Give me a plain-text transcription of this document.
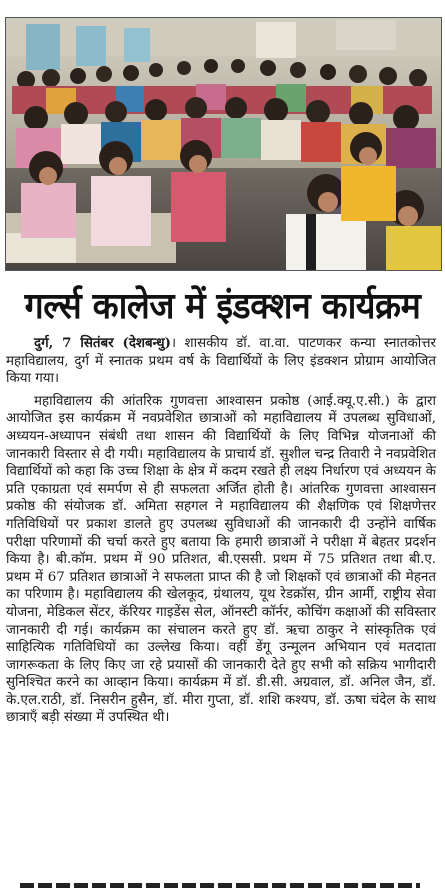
गर्ल्स कालेज में इंडक्शन कार्यक्रम

दुर्ग, 7 सितंबर (देशबन्धु)। शासकीय डॉ. वा.वा. पाटणकर कन्या स्नातकोत्तर महाविद्यालय, दुर्ग में स्नातक प्रथम वर्ष के विद्यार्थियों के लिए इंडक्शन प्रोग्राम आयोजित किया गया।

महाविद्यालय की आंतरिक गुणवत्ता आश्वासन प्रकोष्ठ (आई.क्यू.ए.सी.) के द्वारा आयोजित इस कार्यक्रम में नवप्रवेशित छात्राओं को महाविद्यालय में उपलब्ध सुविधाओं, अध्ययन-अध्यापन संबंधी तथा शासन की विद्यार्थियों के लिए विभिन्न योजनाओं की जानकारी विस्तार से दी गयी। महाविद्यालय के प्राचार्य डॉ. सुशील चन्द्र तिवारी ने नवप्रवेशित विद्यार्थियों को कहा कि उच्च शिक्षा के क्षेत्र में कदम रखते ही लक्ष्य निर्धारण एवं अध्ययन के प्रति एकाग्रता एवं समर्पण से ही सफलता अर्जित होती है। आंतरिक गुणवत्ता आश्वासन प्रकोष्ठ की संयोजक डॉ. अमिता सहगल ने महाविद्यालय की शैक्षणिक एवं शिक्षणेत्तर गतिविधियों पर प्रकाश डालते हुए उपलब्ध सुविधाओं की जानकारी दी उन्होंने वार्षिक परीक्षा परिणामों की चर्चा करते हुए बताया कि हमारी छात्राओं ने परीक्षा में बेहतर प्रदर्शन किया है। बी.कॉम. प्रथम में 90 प्रतिशत, बी.एससी. प्रथम में 75 प्रतिशत तथा बी.ए. प्रथम में 67 प्रतिशत छात्राओं ने सफलता प्राप्त की है जो शिक्षकों एवं छात्राओं की मेहनत का परिणाम है। महाविद्यालय की खेलकूद, ग्रंथालय, यूथ रेडक्रॉस, ग्रीन आर्मी, राष्ट्रीय सेवा योजना, मेडिकल सेंटर, कॅरियर गाइडेंस सेल, ऑनस्टी कॉर्नर, कोचिंग कक्षाओं की सविस्तार जानकारी दी गई। कार्यक्रम का संचालन करते हुए डॉ. ऋचा ठाकुर ने सांस्कृतिक एवं साहित्यिक गतिविधियों का उल्लेख किया। वहीं डेंगू उन्मूलन अभियान एवं मतदाता जागरूकता के लिए किए जा रहे प्रयासों की जानकारी देते हुए सभी को सक्रिय भागीदारी सुनिश्चित करने का आव्हान किया। कार्यक्रम में डॉ. डी.सी. अग्रवाल, डॉ. अनिल जैन, डॉ. के.एल.राठी, डॉ. निसरीन हुसैन, डॉ. मीरा गुप्ता, डॉ. शशि कश्यप, डॉ. ऊषा चंदेल के साथ छात्राएँ बड़ी संख्या में उपस्थित थी।
